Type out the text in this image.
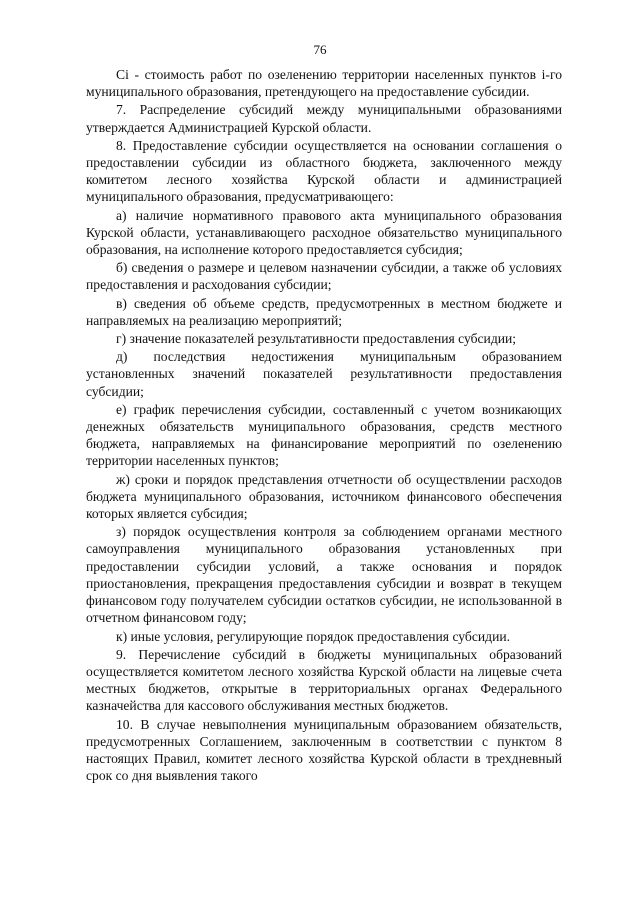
76

Ci - стоимость работ по озеленению территории населенных пунктов i-го муниципального образования, претендующего на предоставление субсидии.

7. Распределение субсидий между муниципальными образованиями утверждается Администрацией Курской области.

8. Предоставление субсидии осуществляется на основании соглашения о предоставлении субсидии из областного бюджета, заключенного между комитетом лесного хозяйства Курской области и администрацией муниципального образования, предусматривающего:

а) наличие нормативного правового акта муниципального образования Курской области, устанавливающего расходное обязательство муниципального образования, на исполнение которого предоставляется субсидия;

б) сведения о размере и целевом назначении субсидии, а также об условиях предоставления и расходования субсидии;

в) сведения об объеме средств, предусмотренных в местном бюджете и направляемых на реализацию мероприятий;

г) значение показателей результативности предоставления субсидии;

д) последствия недостижения муниципальным образованием установленных значений показателей результативности предоставления субсидии;

е) график перечисления субсидии, составленный с учетом возникающих денежных обязательств муниципального образования, средств местного бюджета, направляемых на финансирование мероприятий по озеленению территории населенных пунктов;

ж) сроки и порядок представления отчетности об осуществлении расходов бюджета муниципального образования, источником финансового обеспечения которых является субсидия;

з) порядок осуществления контроля за соблюдением органами местного самоуправления муниципального образования установленных при предоставлении субсидии условий, а также основания и порядок приостановления, прекращения предоставления субсидии и возврат в текущем финансовом году получателем субсидии остатков субсидии, не использованной в отчетном финансовом году;

к) иные условия, регулирующие порядок предоставления субсидии.

9. Перечисление субсидий в бюджеты муниципальных образований осуществляется комитетом лесного хозяйства Курской области на лицевые счета местных бюджетов, открытые в территориальных органах Федерального казначейства для кассового обслуживания местных бюджетов.

10. В случае невыполнения муниципальным образованием обязательств, предусмотренных Соглашением, заключенным в соответствии с пунктом 8 настоящих Правил, комитет лесного хозяйства Курской области в трехдневный срок со дня выявления такого
